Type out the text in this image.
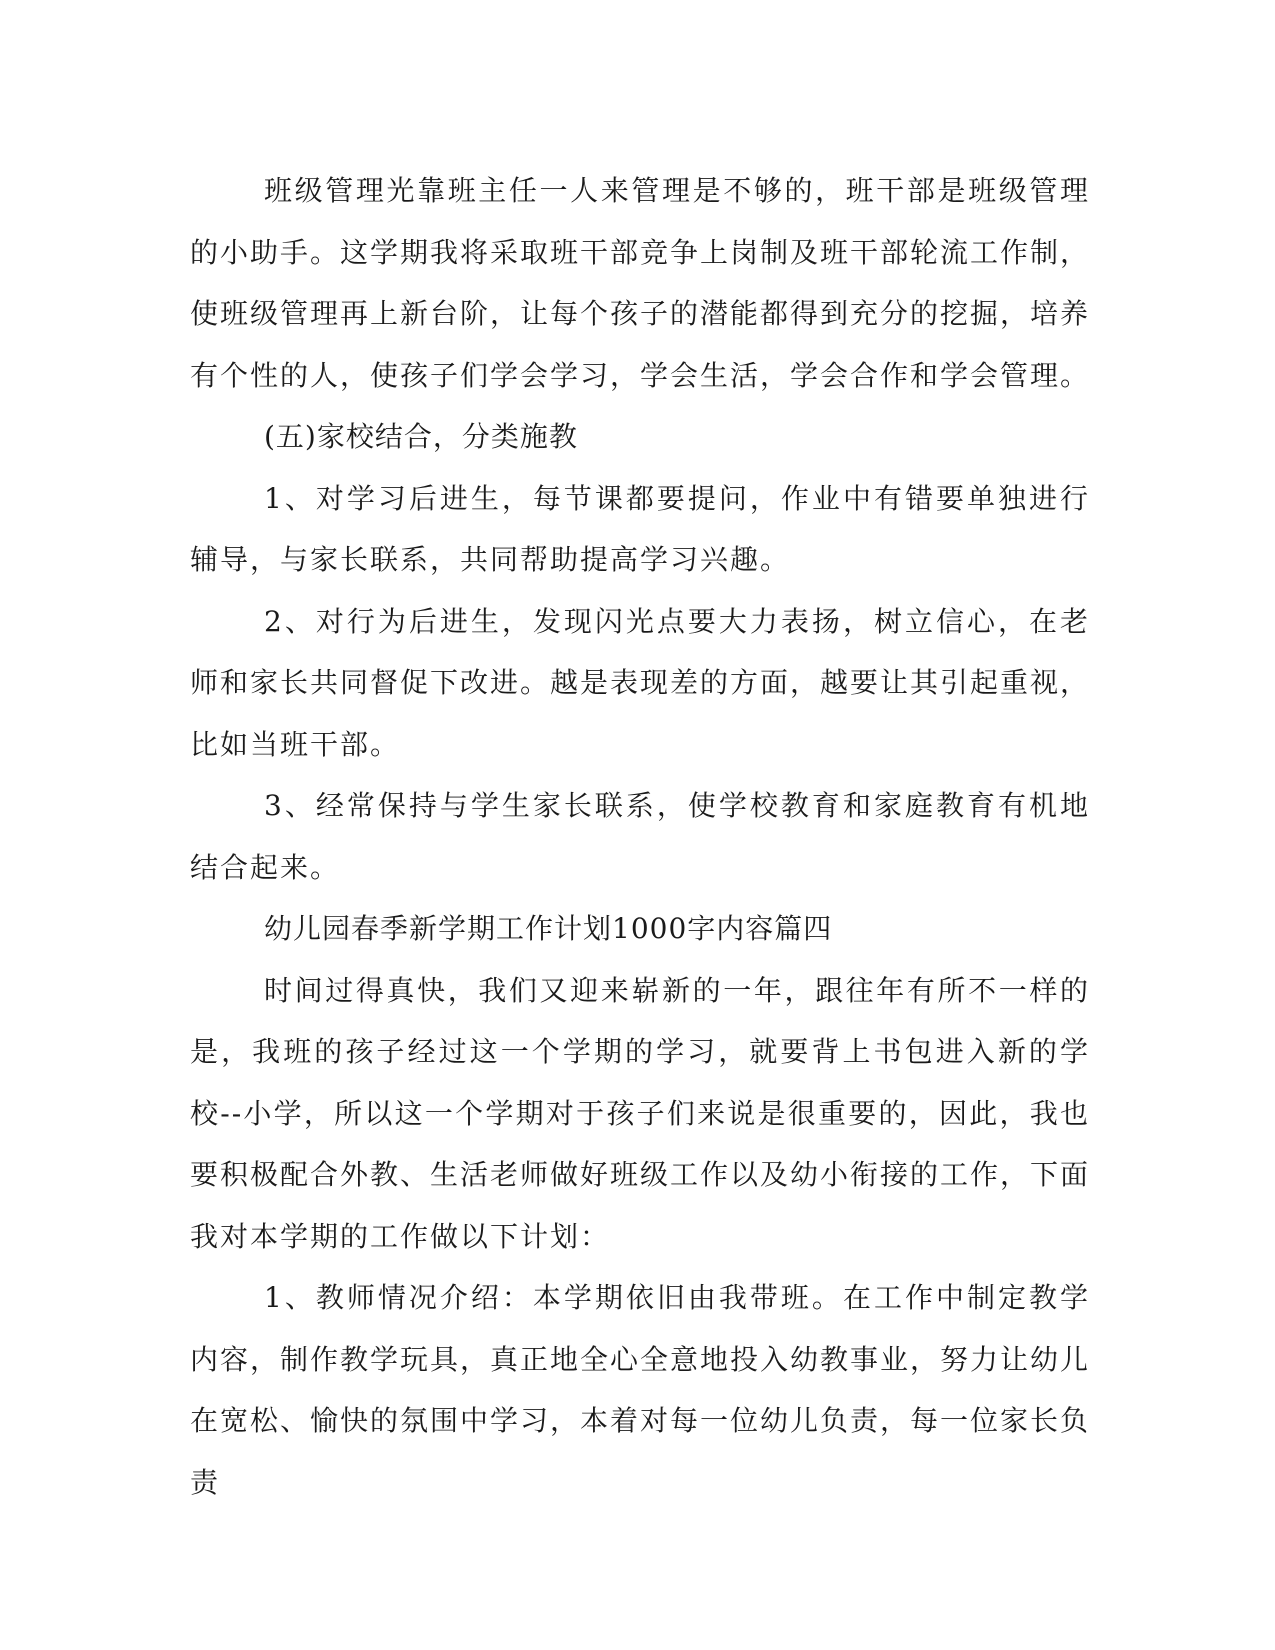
班级管理光靠班主任一人来管理是不够的，班干部是班级管理的小助手。这学期我将采取班干部竞争上岗制及班干部轮流工作制，使班级管理再上新台阶，让每个孩子的潜能都得到充分的挖掘，培养有个性的人，使孩子们学会学习，学会生活，学会合作和学会管理。

(五)家校结合，分类施教

1、对学习后进生，每节课都要提问，作业中有错要单独进行辅导，与家长联系，共同帮助提高学习兴趣。

2、对行为后进生，发现闪光点要大力表扬，树立信心，在老师和家长共同督促下改进。越是表现差的方面，越要让其引起重视，比如当班干部。

3、经常保持与学生家长联系，使学校教育和家庭教育有机地结合起来。

幼儿园春季新学期工作计划1000字内容篇四

时间过得真快，我们又迎来崭新的一年，跟往年有所不一样的是，我班的孩子经过这一个学期的学习，就要背上书包进入新的学校--小学，所以这一个学期对于孩子们来说是很重要的，因此，我也要积极配合外教、生活老师做好班级工作以及幼小衔接的工作，下面我对本学期的工作做以下计划：

1、教师情况介绍：本学期依旧由我带班。在工作中制定教学内容，制作教学玩具，真正地全心全意地投入幼教事业，努力让幼儿在宽松、愉快的氛围中学习，本着对每一位幼儿负责，每一位家长负责
